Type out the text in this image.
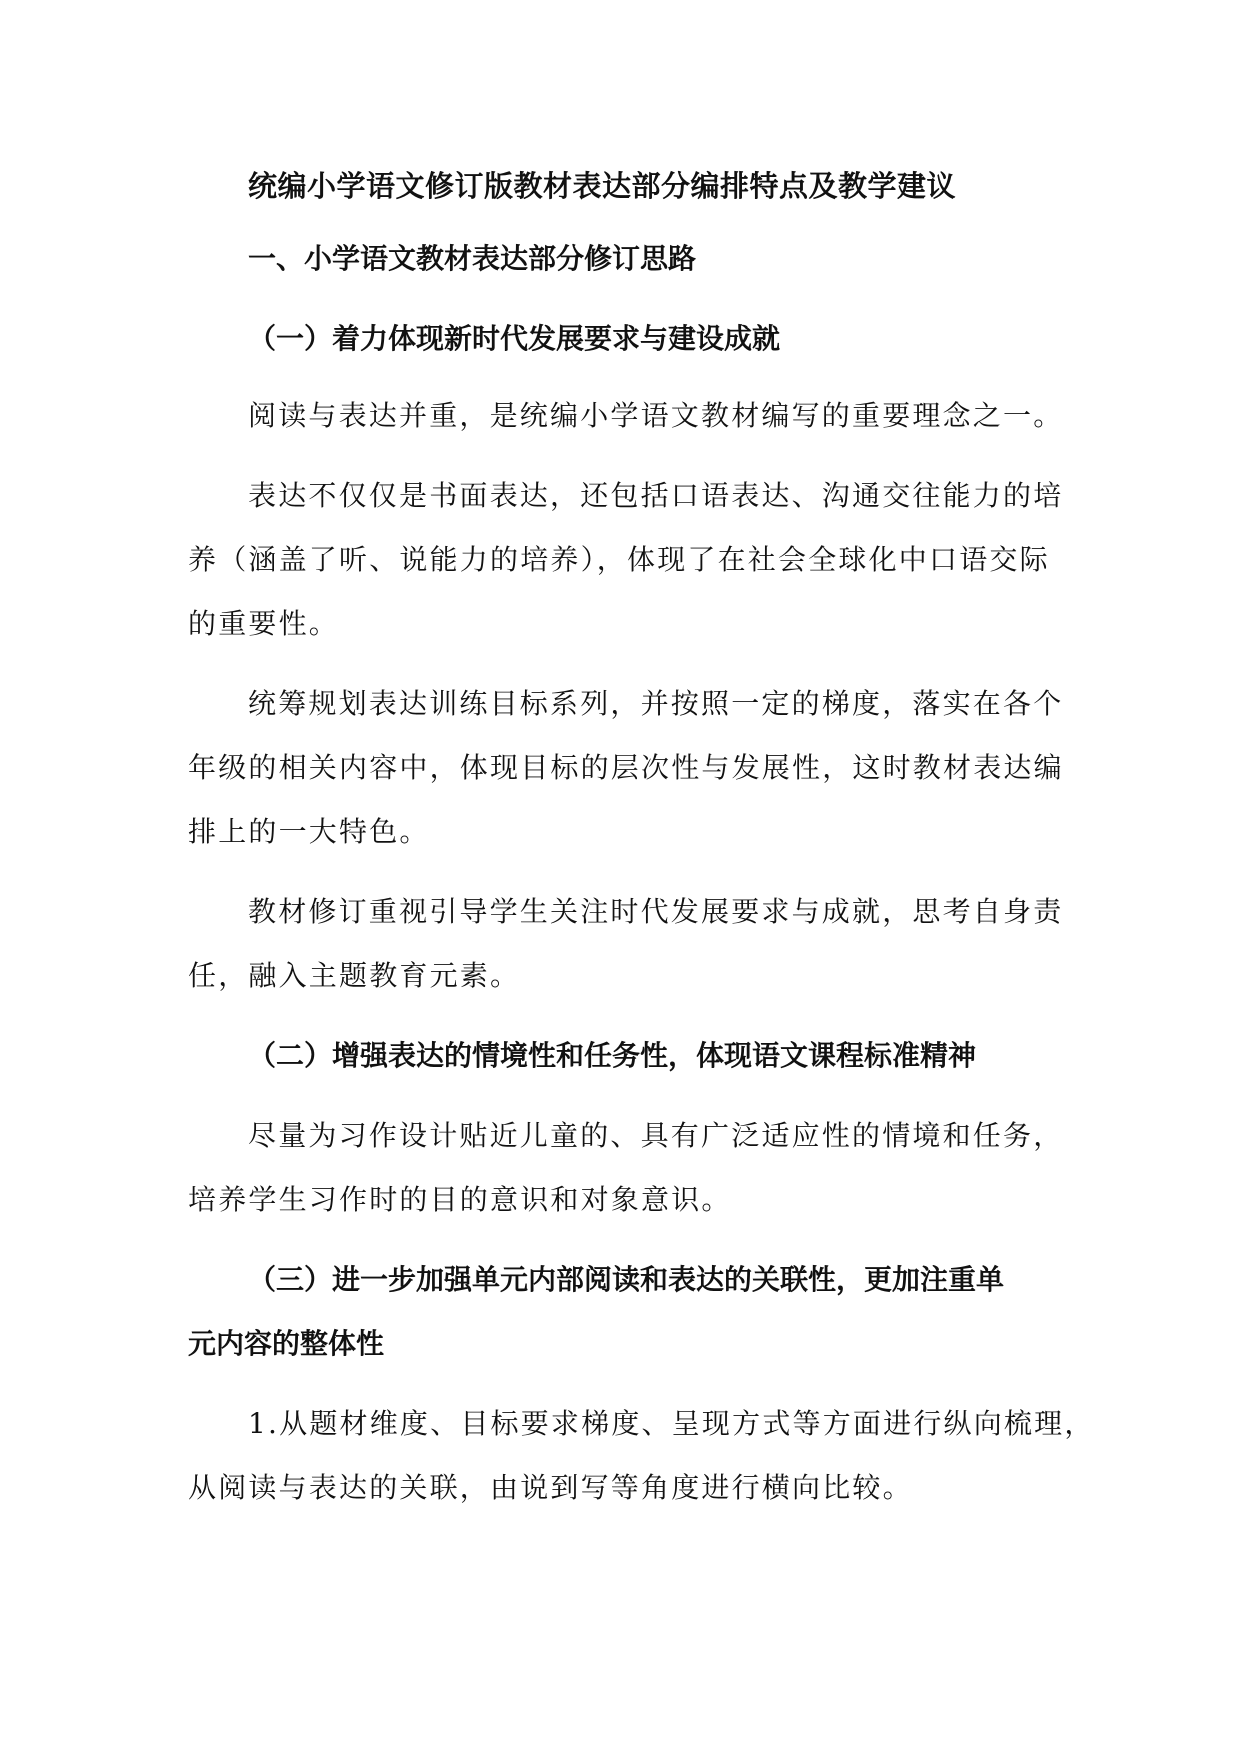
统编小学语文修订版教材表达部分编排特点及教学建议

一、小学语文教材表达部分修订思路

（一）着力体现新时代发展要求与建设成就

阅读与表达并重，是统编小学语文教材编写的重要理念之一。

表达不仅仅是书面表达，还包括口语表达、沟通交往能力的培

养（涵盖了听、说能力的培养），体现了在社会全球化中口语交际

的重要性。

统筹规划表达训练目标系列，并按照一定的梯度，落实在各个

年级的相关内容中，体现目标的层次性与发展性，这时教材表达编

排上的一大特色。

教材修订重视引导学生关注时代发展要求与成就，思考自身责

任，融入主题教育元素。

（二）增强表达的情境性和任务性，体现语文课程标准精神

尽量为习作设计贴近儿童的、具有广泛适应性的情境和任务，

培养学生习作时的目的意识和对象意识。

（三）进一步加强单元内部阅读和表达的关联性，更加注重单

元内容的整体性

1.从题材维度、目标要求梯度、呈现方式等方面进行纵向梳理，

从阅读与表达的关联，由说到写等角度进行横向比较。
